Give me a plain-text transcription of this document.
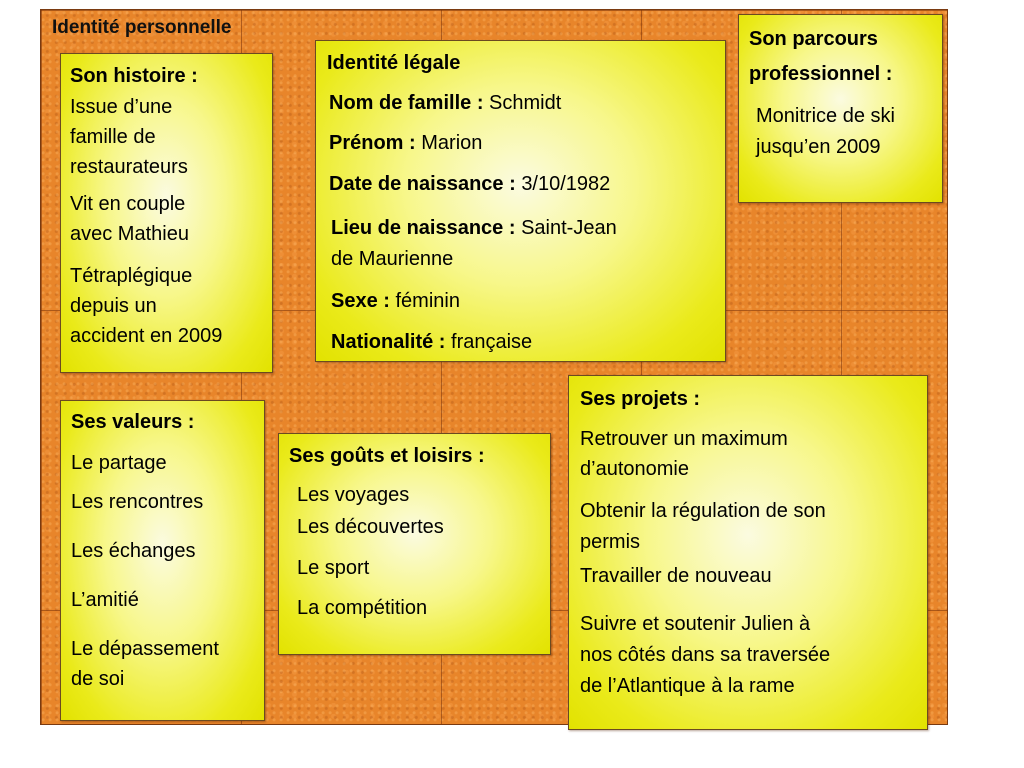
Identité personnelle
Son histoire :
Issue d’une
famille de
restaurateurs
Vit en couple
avec Mathieu
Tétraplégique
depuis un
accident en 2009
Identité légale
Nom de famille : Schmidt
Prénom : Marion
Date de naissance : 3/10/1982
Lieu de naissance : Saint-Jean
de Maurienne
Sexe : féminin
Nationalité : française
Son parcours
professionnel :
Monitrice de ski
jusqu’en 2009
Ses valeurs :
Le partage
Les rencontres
Les échanges
L’amitié
Le dépassement
de soi
Ses goûts et loisirs :
Les voyages
Les découvertes
Le sport
La compétition
Ses projets :
Retrouver un maximum
d’autonomie
Obtenir la régulation de son
permis
Travailler de nouveau
Suivre et soutenir Julien à
nos côtés dans sa traversée
de l’Atlantique à la rame
